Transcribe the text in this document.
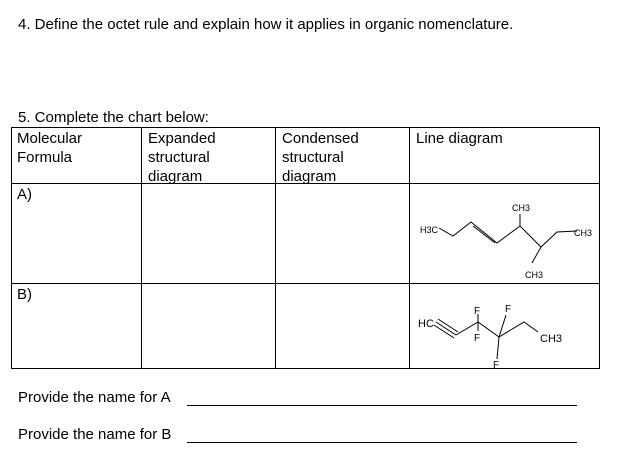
4. Define the octet rule and explain how it applies in organic nomenclature.
5. Complete the chart below:
Molecular
Formula
Expanded
structural
diagram
Condensed
structural
diagram
Line diagram
A)
B)
H3C
CH3
CH3
CH3
HC
F
F
F
F
CH3
Provide the name for A
Provide the name for B
